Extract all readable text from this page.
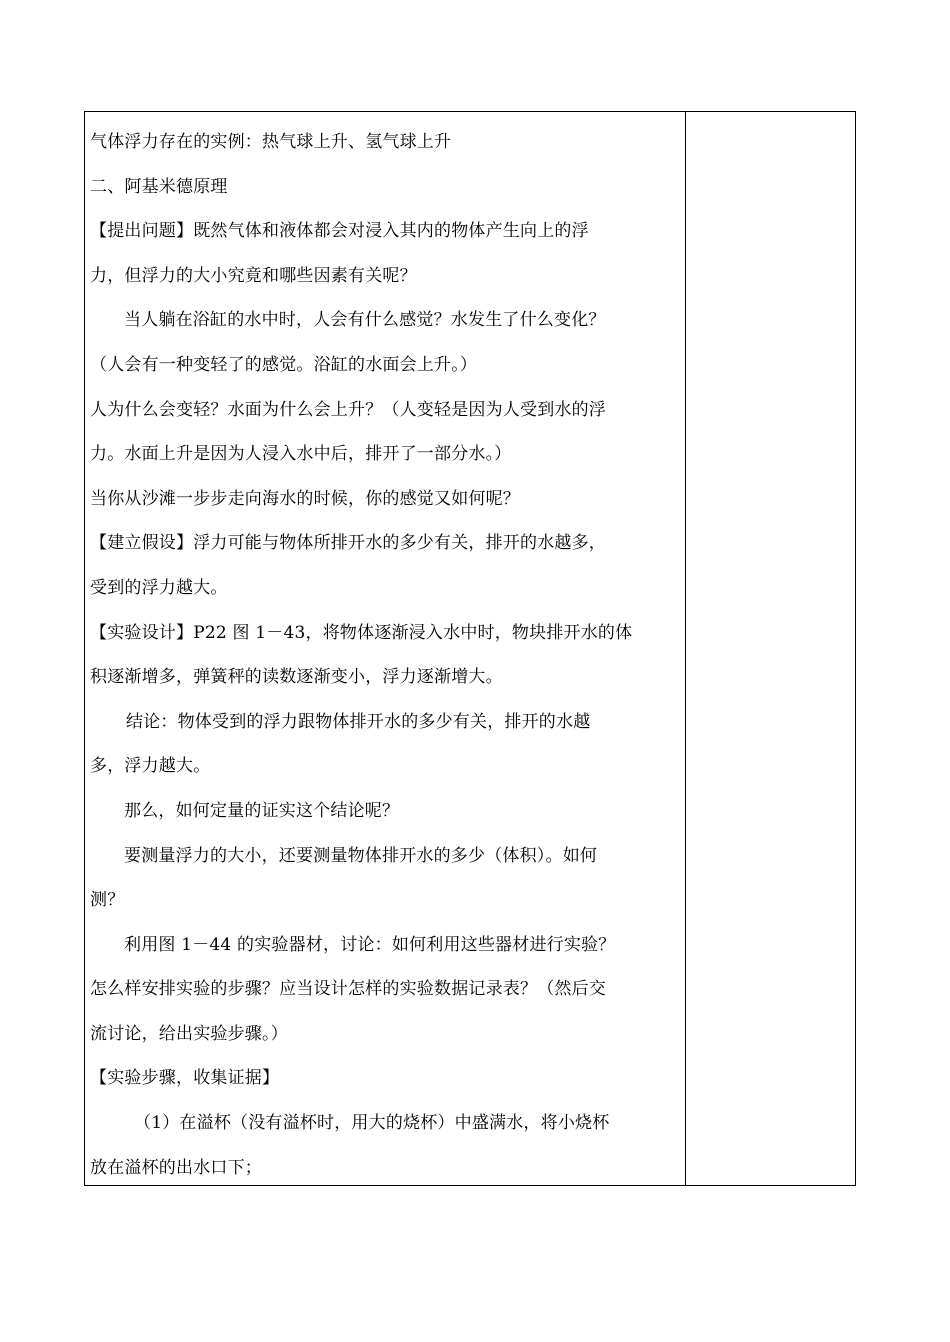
气体浮力存在的实例：热气球上升、氢气球上升
二、阿基米德原理
【提出问题】既然气体和液体都会对浸入其内的物体产生向上的浮
力，但浮力的大小究竟和哪些因素有关呢？
当人躺在浴缸的水中时，人会有什么感觉？水发生了什么变化？
（人会有一种变轻了的感觉。浴缸的水面会上升。）
人为什么会变轻？水面为什么会上升？（人变轻是因为人受到水的浮
力。水面上升是因为人浸入水中后，排开了一部分水。）
当你从沙滩一步步走向海水的时候，你的感觉又如何呢？
【建立假设】浮力可能与物体所排开水的多少有关，排开的水越多，
受到的浮力越大。
【实验设计】P22 图 1－43，将物体逐渐浸入水中时，物块排开水的体
积逐渐增多，弹簧秤的读数逐渐变小，浮力逐渐增大。
结论：物体受到的浮力跟物体排开水的多少有关，排开的水越
多，浮力越大。
那么，如何定量的证实这个结论呢？
要测量浮力的大小，还要测量物体排开水的多少（体积）。如何
测？
利用图 1－44 的实验器材，讨论：如何利用这些器材进行实验？
怎么样安排实验的步骤？应当设计怎样的实验数据记录表？（然后交
流讨论，给出实验步骤。）
【实验步骤，收集证据】
（1）在溢杯（没有溢杯时，用大的烧杯）中盛满水，将小烧杯
放在溢杯的出水口下；
